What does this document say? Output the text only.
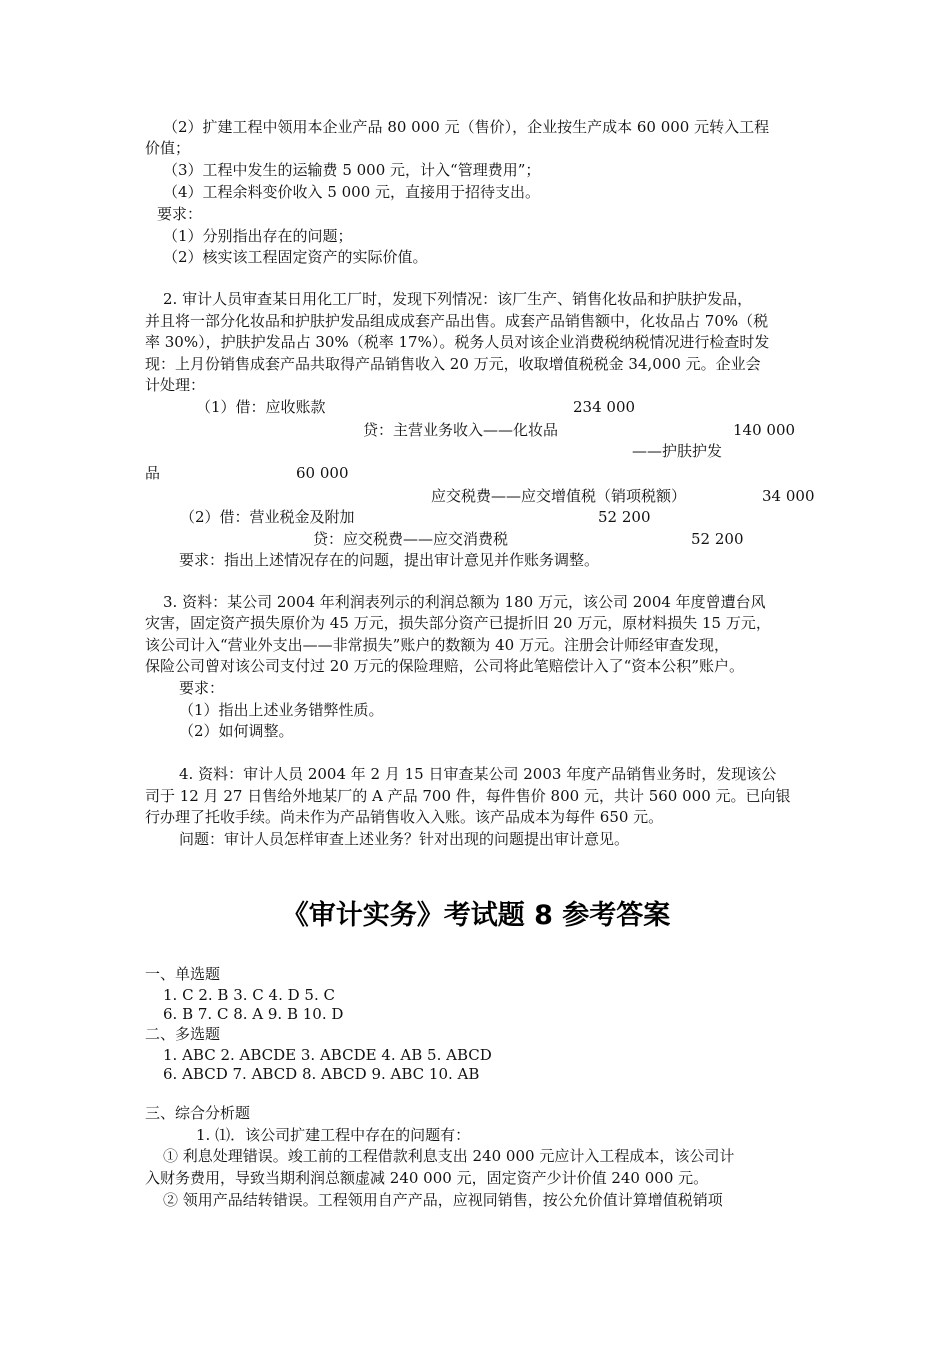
（2）扩建工程中领用本企业产品 80 000 元（售价），企业按生产成本 60 000 元转入工程
价值；
（3）工程中发生的运输费 5 000 元，计入“管理费用”；
（4）工程余料变价收入 5 000 元，直接用于招待支出。
要求：
（1）分别指出存在的问题；
（2）核实该工程固定资产的实际价值。
2. 审计人员审查某日用化工厂时，发现下列情况：该厂生产、销售化妆品和护肤护发品，
并且将一部分化妆品和护肤护发品组成成套产品出售。成套产品销售额中，化妆品占 70%（税
率 30%），护肤护发品占 30%（税率 17%）。税务人员对该企业消费税纳税情况进行检查时发
现：上月份销售成套产品共取得产品销售收入 20 万元，收取增值税税金 34,000 元。企业会
计处理：
（1）借：应收账款	234 000
贷：主营业务收入——化妆品	140 000
——护肤护发
品	60 000
应交税费——应交增值税（销项税额）	34 000
（2）借：营业税金及附加	52 200
贷：应交税费——应交消费税	52 200
要求：指出上述情况存在的问题，提出审计意见并作账务调整。
3. 资料：某公司 2004 年利润表列示的利润总额为 180 万元，该公司 2004 年度曾遭台风
灾害，固定资产损失原价为 45 万元，损失部分资产已提折旧 20 万元，原材料损失 15 万元，
该公司计入“营业外支出——非常损失”账户的数额为 40 万元。注册会计师经审查发现，
保险公司曾对该公司支付过 20 万元的保险理赔，公司将此笔赔偿计入了“资本公积”账户。
要求：
（1）指出上述业务错弊性质。
（2）如何调整。
4. 资料：审计人员 2004 年 2 月 15 日审查某公司 2003 年度产品销售业务时，发现该公
司于 12 月 27 日售给外地某厂的 A 产品 700 件，每件售价 800 元，共计 560 000 元。已向银
行办理了托收手续。尚未作为产品销售收入入账。该产品成本为每件 650 元。
问题：审计人员怎样审查上述业务？针对出现的问题提出审计意见。
《审计实务》考试题 8 参考答案
一、单选题
1. C 2. B 3. C 4. D 5. C
6. B 7. C 8. A 9. B 10. D
二、多选题
1. ABC 2. ABCDE 3. ABCDE 4. AB 5. ABCD
6. ABCD 7. ABCD 8. ABCD 9. ABC 10. AB
三、综合分析题
1. ⑴．该公司扩建工程中存在的问题有：
① 利息处理错误。竣工前的工程借款利息支出 240 000 元应计入工程成本，该公司计
入财务费用，导致当期利润总额虚减 240 000 元，固定资产少计价值 240 000 元。
② 领用产品结转错误。工程领用自产产品，应视同销售，按公允价值计算增值税销项
